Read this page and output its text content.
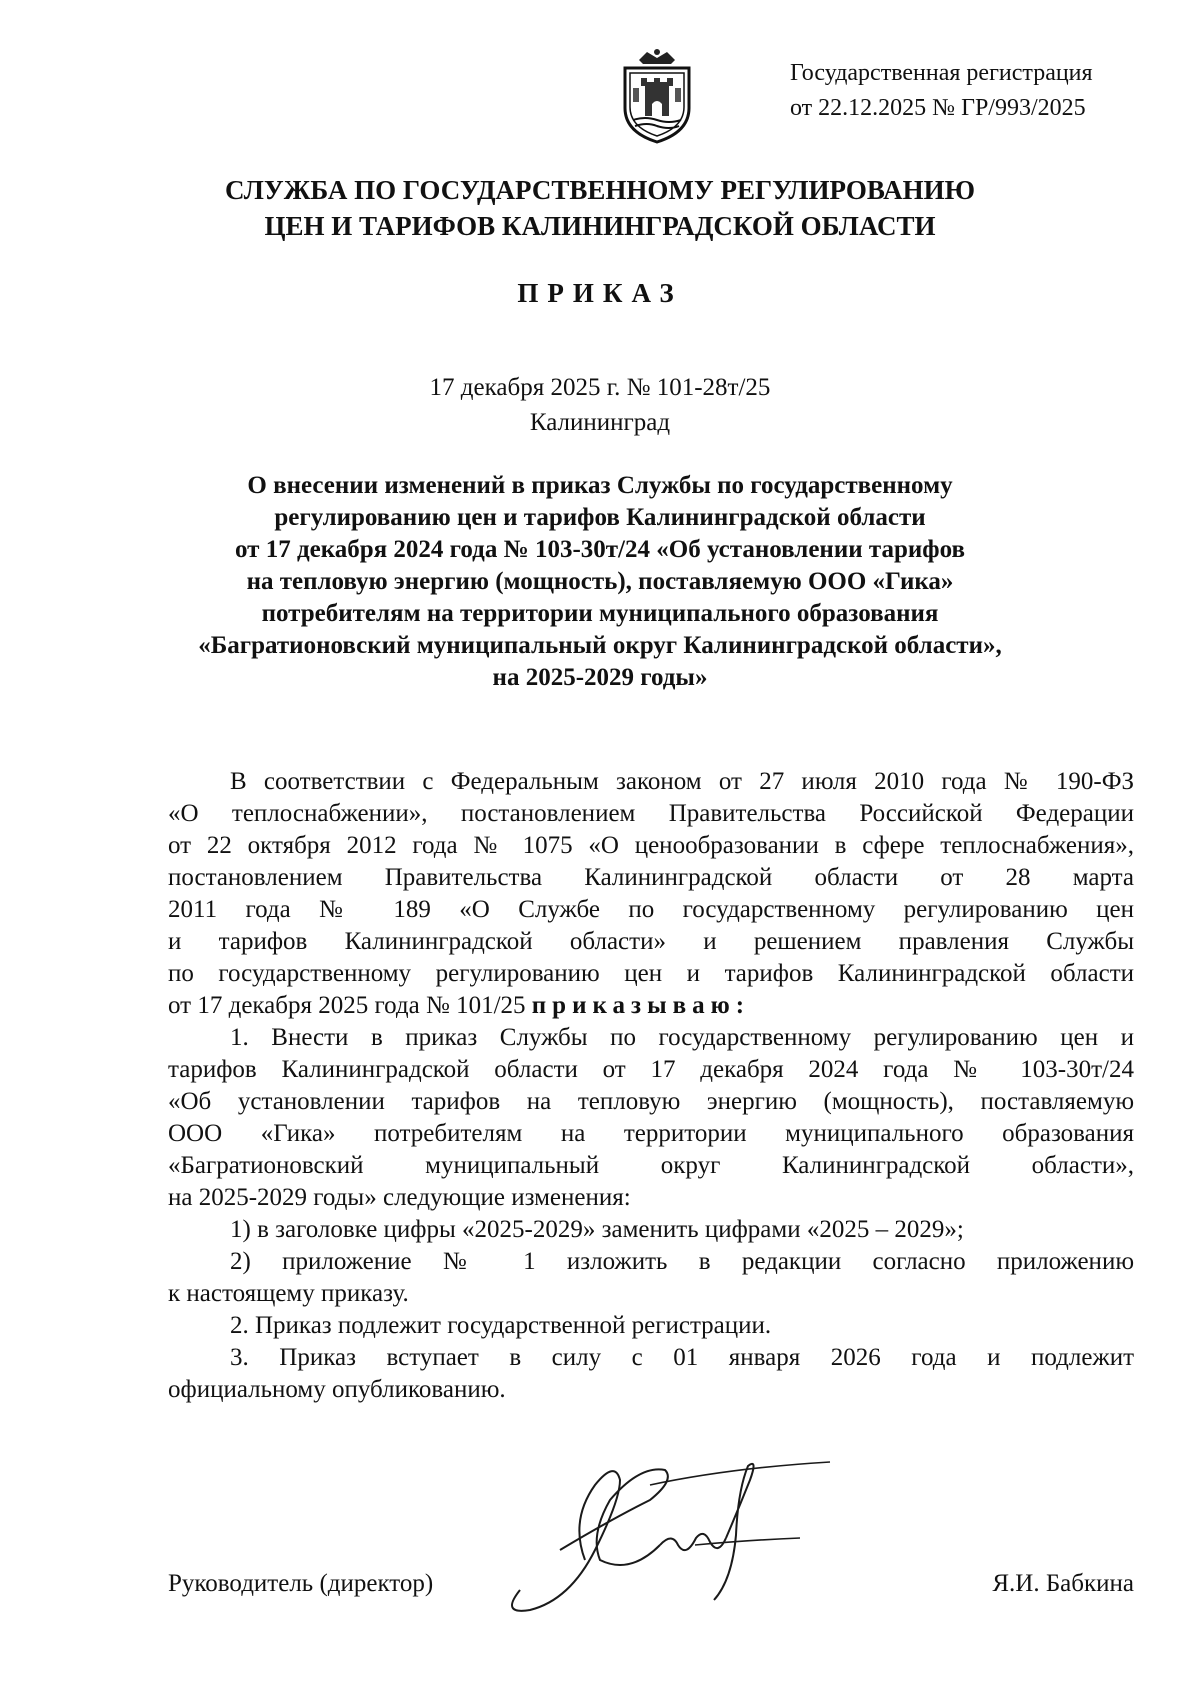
Государственная регистрация
от 22.12.2025 № ГР/993/2025
СЛУЖБА ПО ГОСУДАРСТВЕННОМУ РЕГУЛИРОВАНИЮ
ЦЕН И ТАРИФОВ КАЛИНИНГРАДСКОЙ ОБЛАСТИ
ПРИКАЗ
17 декабря 2025 г. № 101-28т/25
Калининград
О внесении изменений в приказ Службы по государственному
регулированию цен и тарифов Калининградской области
от 17 декабря 2024 года № 103-30т/24 «Об установлении тарифов
на тепловую энергию (мощность), поставляемую ООО «Гика»
потребителям на территории муниципального образования
«Багратионовский муниципальный округ Калининградской области»,
на 2025-2029 годы»
В соответствии с Федеральным законом от 27 июля 2010 года № 190-ФЗ
«О теплоснабжении», постановлением Правительства Российской Федерации
от 22 октября 2012 года № 1075 «О ценообразовании в сфере теплоснабжения»,
постановлением Правительства Калининградской области от 28 марта
2011 года № 189 «О Службе по государственному регулированию цен
и тарифов Калининградской области» и решением правления Службы
по государственному регулированию цен и тарифов Калининградской области
от 17 декабря 2025 года № 101/25 приказываю:
1. Внести в приказ Службы по государственному регулированию цен и
тарифов Калининградской области от 17 декабря 2024 года № 103-30т/24
«Об установлении тарифов на тепловую энергию (мощность), поставляемую
ООО «Гика» потребителям на территории муниципального образования
«Багратионовский муниципальный округ Калининградской области»,
на 2025-2029 годы» следующие изменения:
1) в заголовке цифры «2025-2029» заменить цифрами «2025 – 2029»;
2) приложение № 1 изложить в редакции согласно приложению
к настоящему приказу.
2. Приказ подлежит государственной регистрации.
3. Приказ вступает в силу с 01 января 2026 года и подлежит
официальному опубликованию.
Руководитель (директор)	Я.И. Бабкина
